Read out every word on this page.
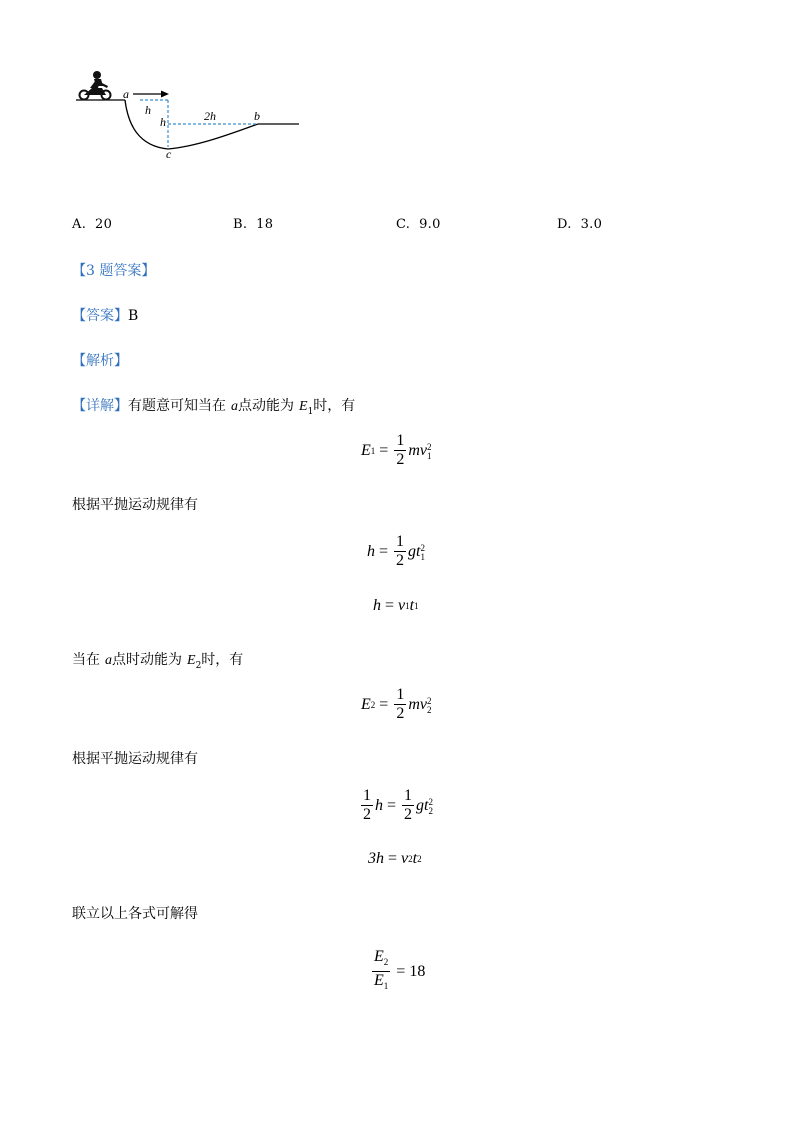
a
h
h	2h	b
c
A. 20	B. 18	C. 9.0	D. 3.0
【3 题答案】
【答案】B
【解析】
【详解】有题意可知当在 a点动能为 $E_1$时，有
E 1
=
$\frac{1}{2}$ mv 2
1
根据平抛运动规律有
h
=
$\frac{1}{2}$ gt 2
1
h
=
v 1 t 1
当在 a点时动能为 $E_2$时，有
E 2
=
$\frac{1}{2}$ mv 2
2
根据平抛运动规律有
$\frac{1}{2}$ h
=
$\frac{1}{2}$ gt 2
2
3h
=
v 2 t 2
联立以上各式可解得
$\frac{E_2}{E_1}$
=
18
